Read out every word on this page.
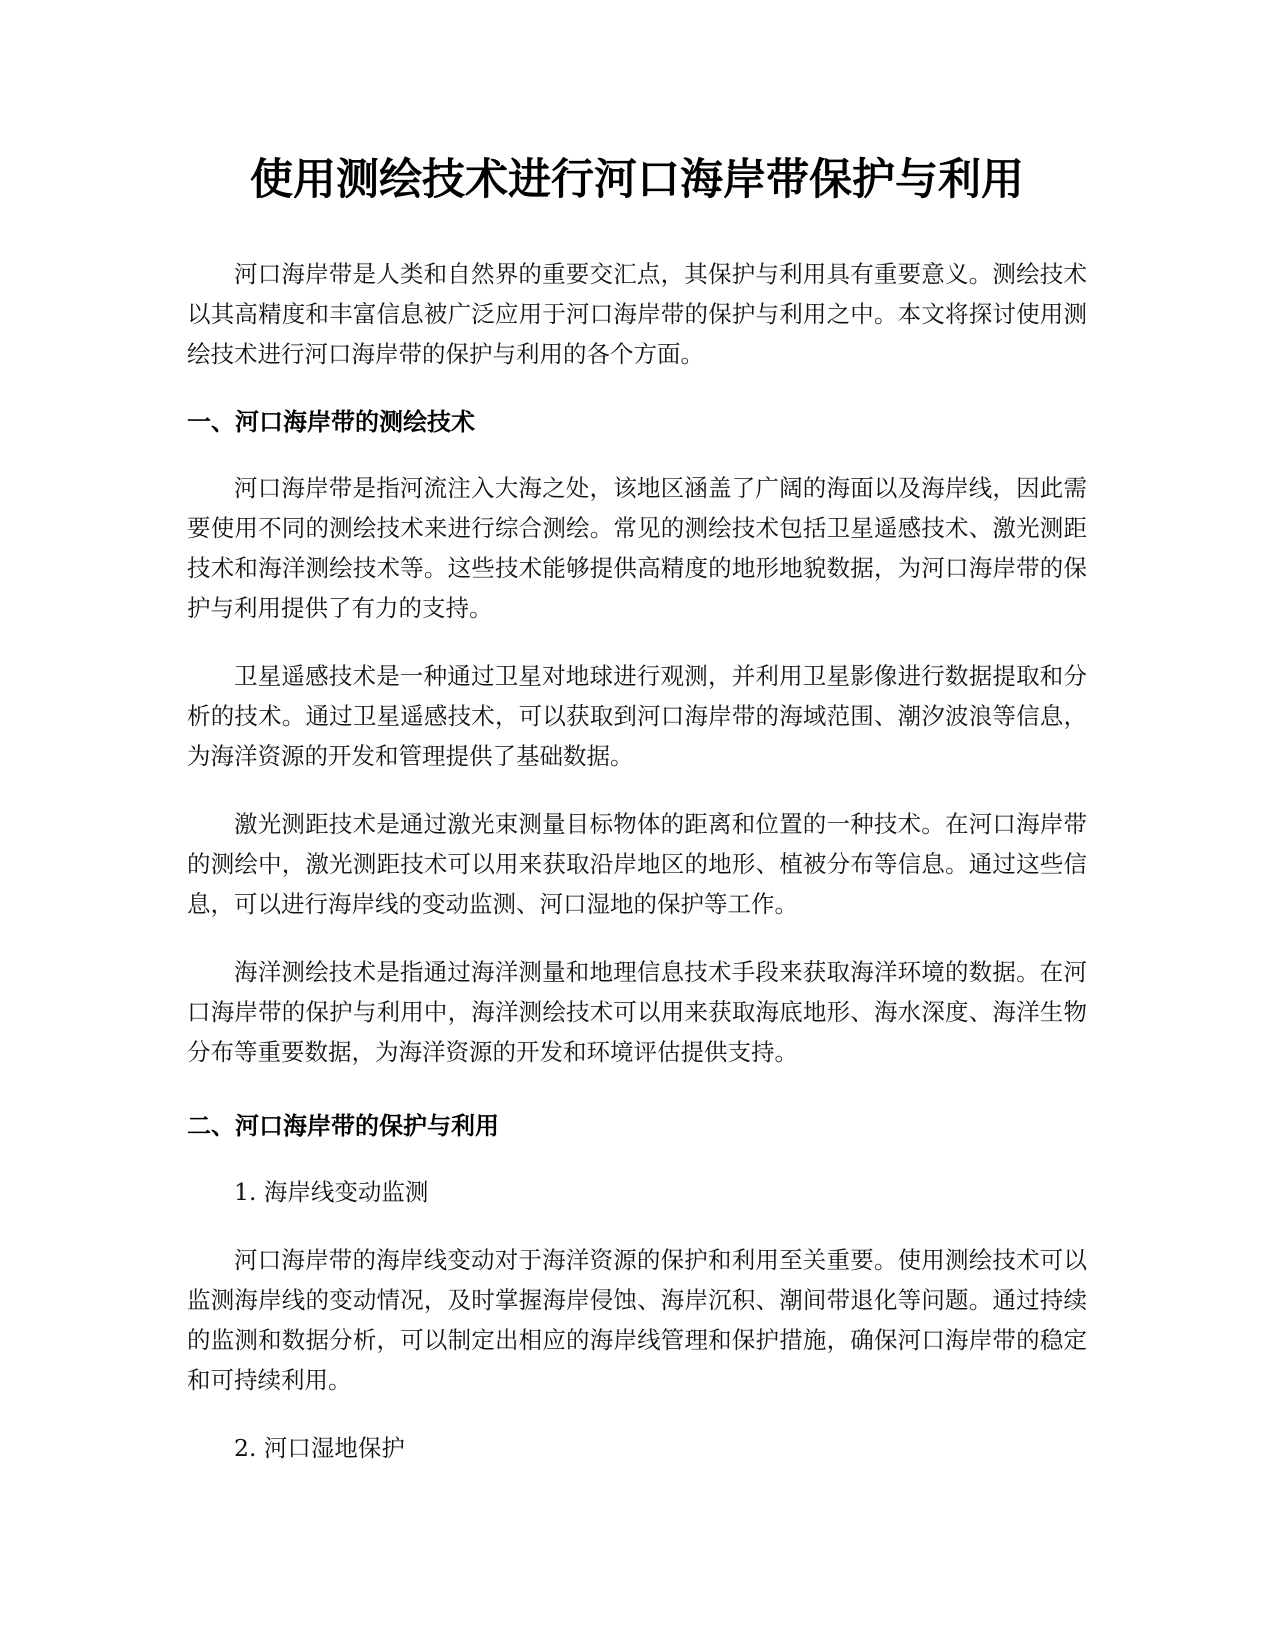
使用测绘技术进行河口海岸带保护与利用

河口海岸带是人类和自然界的重要交汇点，其保护与利用具有重要意义。测绘技术以其高精度和丰富信息被广泛应用于河口海岸带的保护与利用之中。本文将探讨使用测绘技术进行河口海岸带的保护与利用的各个方面。

一、河口海岸带的测绘技术

河口海岸带是指河流注入大海之处，该地区涵盖了广阔的海面以及海岸线，因此需要使用不同的测绘技术来进行综合测绘。常见的测绘技术包括卫星遥感技术、激光测距技术和海洋测绘技术等。这些技术能够提供高精度的地形地貌数据，为河口海岸带的保护与利用提供了有力的支持。

卫星遥感技术是一种通过卫星对地球进行观测，并利用卫星影像进行数据提取和分析的技术。通过卫星遥感技术，可以获取到河口海岸带的海域范围、潮汐波浪等信息，为海洋资源的开发和管理提供了基础数据。

激光测距技术是通过激光束测量目标物体的距离和位置的一种技术。在河口海岸带的测绘中，激光测距技术可以用来获取沿岸地区的地形、植被分布等信息。通过这些信息，可以进行海岸线的变动监测、河口湿地的保护等工作。

海洋测绘技术是指通过海洋测量和地理信息技术手段来获取海洋环境的数据。在河口海岸带的保护与利用中，海洋测绘技术可以用来获取海底地形、海水深度、海洋生物分布等重要数据，为海洋资源的开发和环境评估提供支持。

二、河口海岸带的保护与利用

1. 海岸线变动监测

河口海岸带的海岸线变动对于海洋资源的保护和利用至关重要。使用测绘技术可以监测海岸线的变动情况，及时掌握海岸侵蚀、海岸沉积、潮间带退化等问题。通过持续的监测和数据分析，可以制定出相应的海岸线管理和保护措施，确保河口海岸带的稳定和可持续利用。

2. 河口湿地保护
